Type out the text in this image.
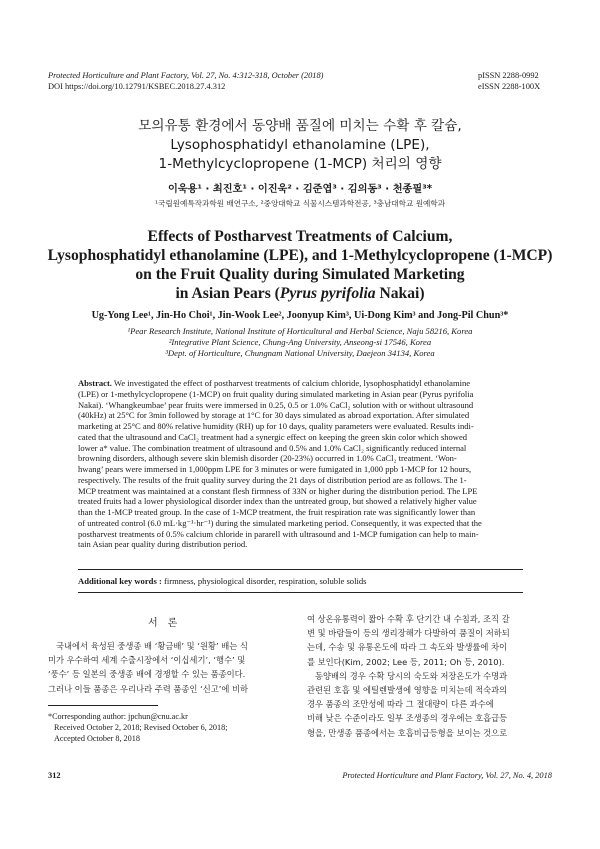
Protected Horticulture and Plant Factory, Vol. 27, No. 4:312-318, October (2018)
DOI https://doi.org/10.12791/KSBEC.2018.27.4.312
pISSN 2288-0992
eISSN 2288-100X
모의유통 환경에서 동양배 품질에 미치는 수확 후 칼슘,
Lysophosphatidyl ethanolamine (LPE),
1-Methylcyclopropene (1-MCP) 처리의 영향
이욱용¹ · 최진호¹ · 이진욱² · 김준엽³ · 김의동³ · 천종필³*
¹국립원예특작과학원 배연구소, ²중앙대학교 식물시스템과학전공, ³충남대학교 원예학과
Effects of Postharvest Treatments of Calcium,
Lysophosphatidyl ethanolamine (LPE), and 1-Methylcyclopropene (1-MCP)
on the Fruit Quality during Simulated Marketing
in Asian Pears (Pyrus pyrifolia Nakai)
Ug-Yong Lee¹, Jin-Ho Choi¹, Jin-Wook Lee², Joonyup Kim³, Ui-Dong Kim³ and Jong-Pil Chun³*
¹Pear Research Institute, National Institute of Horticultural and Herbal Science, Naju 58216, Korea
²Integrative Plant Science, Chung-Ang University, Anseong-si 17546, Korea
³Dept. of Horticulture, Chungnam National University, Daejeon 34134, Korea
Abstract. We investigated the effect of postharvest treatments of calcium chloride, lysophosphatidyl ethanolamine
(LPE) or 1-methylcyclopropene (1-MCP) on fruit quality during simulated marketing in Asian pear (Pyrus pyrifolia
Nakai). ‘Whangkeumbae’ pear fruits were immersed in 0.25, 0.5 or 1.0% CaCl₂ solution with or without ultrasound
(40kHz) at 25°C for 3min followed by storage at 1°C for 30 days simulated as abroad exportation. After simulated
marketing at 25°C and 80% relative humidity (RH) up for 10 days, quality parameters were evaluated. Results indi-
cated that the ultrasound and CaCl₂ treatment had a synergic effect on keeping the green skin color which showed
lower a* value. The combination treatment of ultrasound and 0.5% and 1.0% CaCl₂ significantly reduced internal
browning disorders, although severe skin blemish disorder (20-23%) occurred in 1.0% CaCl₂ treatment. ‘Won-
hwang’ pears were immersed in 1,000ppm LPE for 3 minutes or were fumigated in 1,000 ppb 1-MCP for 12 hours,
respectively. The results of the fruit quality survey during the 21 days of distribution period are as follows. The 1-
MCP treatment was maintained at a constant flesh firmness of 33N or higher during the distribution period. The LPE
treated fruits had a lower physiological disorder index than the untreated group, but showed a relatively higher value
than the 1-MCP treated group. In the case of 1-MCP treatment, the fruit respiration rate was significantly lower than
of untreated control (6.0 mL·kg⁻¹·hr⁻¹) during the simulated marketing period. Consequently, it was expected that the
postharvest treatments of 0.5% calcium chloride in pararell with ultrasound and 1-MCP fumigation can help to main-
tain Asian pear quality during distribution period.
Additional key words : firmness, physiological disorder, respiration, soluble solids
서론
국내에서 육성된 중생종 배 ‘황금배’ 및 ‘원황’ 배는 식
미가 우수하여 세계 수출시장에서 ‘이십세기’, ‘행수’ 및
‘풍수’ 등 일본의 중생종 배에 경쟁할 수 있는 품종이다.
그러나 이들 품종은 우리나라 주력 품종인 ‘신고’에 비하
여 상온유통력이 짧아 수확 후 단기간 내 수침과, 조직 갈
변 및 바람들이 등의 생리장해가 다발하여 품질이 저하되
는데, 수송 및 유통온도에 따라 그 속도와 발생률에 차이
를 보인다(Kim, 2002; Lee 등, 2011; Oh 등, 2010).
동양배의 경우 수확 당시의 숙도와 저장온도가 수명과
관련된 호흡 및 에틸렌발생에 영향을 미치는데 적숙과의
경우 품종의 조만성에 따라 그 절대량이 다른 과수에
비해 낮은 수준이라도 일부 조생종의 경우에는 호흡급등
형을, 만생종 품종에서는 호흡비급등형을 보이는 것으로
*Corresponding author: jpchun@cnu.ac.kr
Received October 2, 2018; Revised October 6, 2018;
Accepted October 8, 2018
312	Protected Horticulture and Plant Factory, Vol. 27, No. 4, 2018
